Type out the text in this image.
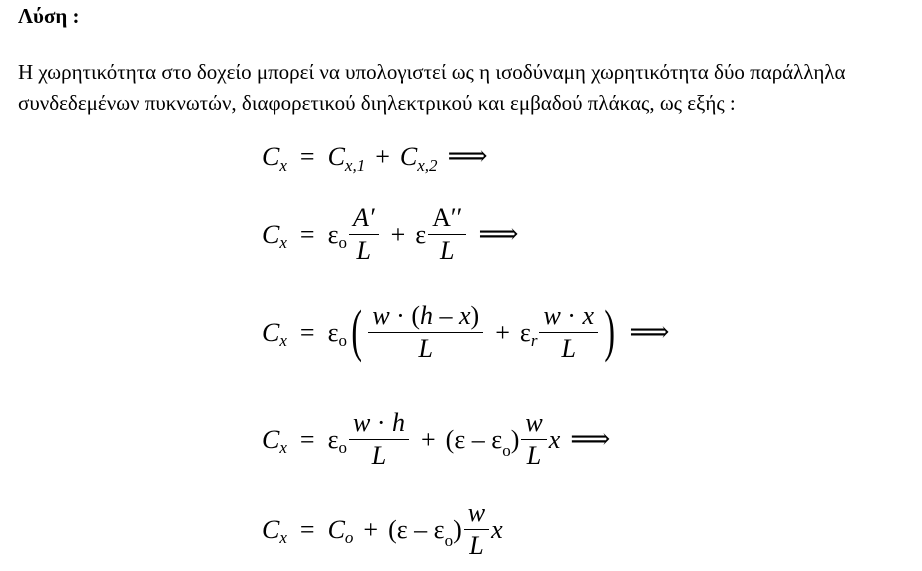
Λύση :
Η χωρητικότητα στο δοχείο μπορεί να υπολογιστεί ως η ισοδύναμη χωρητικότητα δύο παράλληλα
συνδεδεμένων πυκνωτών, διαφορετικού διηλεκτρικού και εμβαδού πλάκας, ως εξής :
C x = C x,1 + C x,2 ⟹
C x = ε o $\frac{A'}{L} + \varepsilon \frac{A''}{L}$ ⟹
C x = ε o ( $\frac{w \cdot (h - x)}{L} + \varepsilon$ r $\frac{w \cdot x}{L}$ ) ⟹
C x = ε o $\frac{w \cdot h}{L} + (\varepsilon - \varepsilon_o) \frac{w}{L}$ x ⟹
C x = C $o + (\varepsilon - \varepsilon_o) \frac{w}{L}$ x
